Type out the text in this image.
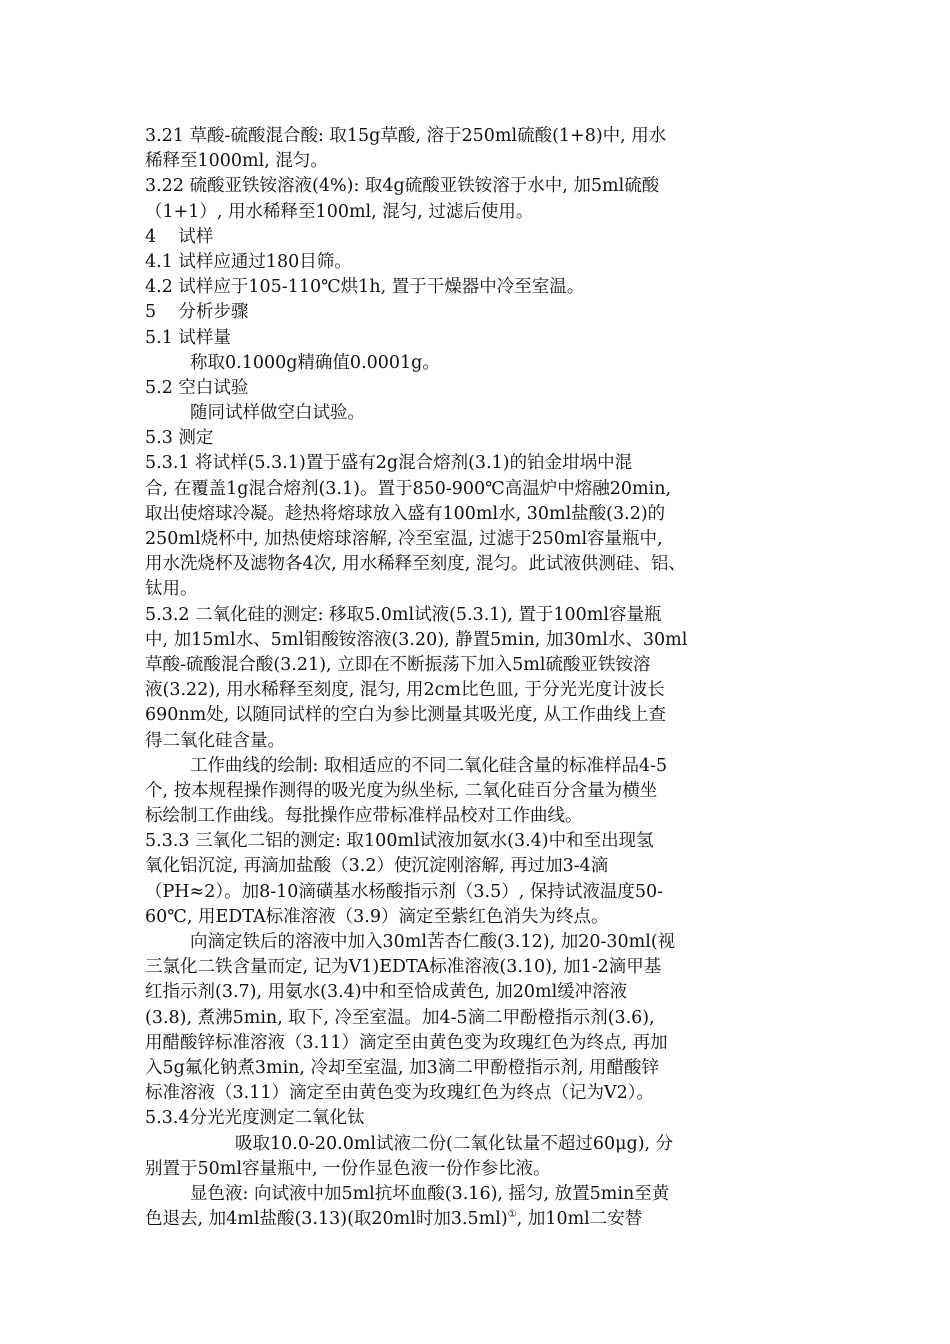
3.21 草酸-硫酸混合酸: 取15g草酸, 溶于250ml硫酸(1+8)中, 用水
稀释至1000ml, 混匀。
3.22 硫酸亚铁铵溶液(4%): 取4g硫酸亚铁铵溶于水中, 加5ml硫酸
（1+1）, 用水稀释至100ml, 混匀, 过滤后使用。
4    试样
4.1 试样应通过180目筛。
4.2 试样应于105-110℃烘1h, 置于干燥器中冷至室温。
5    分析步骤
5.1 试样量
称取0.1000g精确值0.0001g。
5.2 空白试验
随同试样做空白试验。
5.3 测定
5.3.1 将试样(5.3.1)置于盛有2g混合熔剂(3.1)的铂金坩埚中混
合, 在覆盖1g混合熔剂(3.1)。置于850-900℃高温炉中熔融20min,
取出使熔球冷凝。趁热将熔球放入盛有100ml水, 30ml盐酸(3.2)的
250ml烧杯中, 加热使熔球溶解, 冷至室温, 过滤于250ml容量瓶中,
用水洗烧杯及滤物各4次, 用水稀释至刻度, 混匀。此试液供测硅、铝、
钛用。
5.3.2 二氧化硅的测定: 移取5.0ml试液(5.3.1), 置于100ml容量瓶
中, 加15ml水、5ml钼酸铵溶液(3.20), 静置5min, 加30ml水、30ml
草酸-硫酸混合酸(3.21), 立即在不断振荡下加入5ml硫酸亚铁铵溶
液(3.22), 用水稀释至刻度, 混匀, 用2cm比色皿, 于分光光度计波长
690nm处, 以随同试样的空白为参比测量其吸光度, 从工作曲线上查
得二氧化硅含量。
工作曲线的绘制: 取相适应的不同二氧化硅含量的标准样品4-5
个, 按本规程操作测得的吸光度为纵坐标, 二氧化硅百分含量为横坐
标绘制工作曲线。每批操作应带标准样品校对工作曲线。
5.3.3 三氧化二铝的测定: 取100ml试液加氨水(3.4)中和至出现氢
氧化铝沉淀, 再滴加盐酸（3.2）使沉淀刚溶解, 再过加3-4滴
（PH≈2）。加8-10滴磺基水杨酸指示剂（3.5）, 保持试液温度50-
60℃, 用EDTA标准溶液（3.9）滴定至紫红色消失为终点。
向滴定铁后的溶液中加入30ml苦杏仁酸(3.12), 加20-30ml(视
三氯化二铁含量而定, 记为V1)EDTA标准溶液(3.10), 加1-2滴甲基
红指示剂(3.7), 用氨水(3.4)中和至恰成黄色, 加20ml缓冲溶液
(3.8), 煮沸5min, 取下, 冷至室温。加4-5滴二甲酚橙指示剂(3.6),
用醋酸锌标准溶液（3.11）滴定至由黄色变为玫瑰红色为终点, 再加
入5g氟化钠煮3min, 冷却至室温, 加3滴二甲酚橙指示剂, 用醋酸锌
标准溶液（3.11）滴定至由黄色变为玫瑰红色为终点（记为V2）。
5.3.4分光光度测定二氧化钛
吸取10.0-20.0ml试液二份(二氧化钛量不超过60μg), 分
别置于50ml容量瓶中, 一份作显色液一份作参比液。
显色液: 向试液中加5ml抗坏血酸(3.16), 摇匀, 放置5min至黄
色退去, 加4ml盐酸(3.13)(取20ml时加3.5ml)①, 加10ml二安替
